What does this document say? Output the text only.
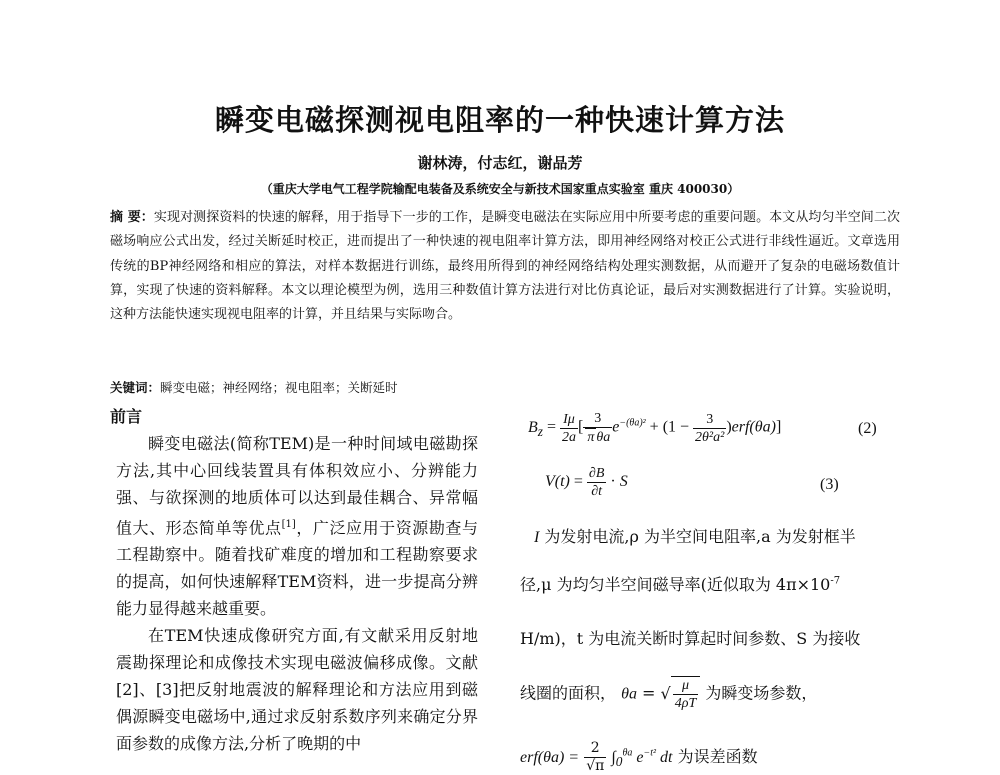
瞬变电磁探测视电阻率的一种快速计算方法
谢林涛，付志红，谢品芳
（重庆大学电气工程学院输配电装备及系统安全与新技术国家重点实验室 重庆 400030）
摘 要：实现对测探资料的快速的解释，用于指导下一步的工作，是瞬变电磁法在实际应用中所要考虑的重要问题。本文从均匀半空间二次磁场响应公式出发，经过关断延时校正，进而提出了一种快速的视电阻率计算方法，即用神经网络对校正公式进行非线性逼近。文章选用传统的BP神经网络和相应的算法，对样本数据进行训练，最终用所得到的神经网络结构处理实测数据，从而避开了复杂的电磁场数值计算，实现了快速的资料解释。本文以理论模型为例，选用三种数值计算方法进行对比仿真论证，最后对实测数据进行了计算。实验说明，这种方法能快速实现视电阻率的计算，并且结果与实际吻合。
关键词：瞬变电磁；神经网络；视电阻率；关断延时
前言

瞬变电磁法(简称TEM)是一种时间域电磁勘探方法,其中心回线装置具有体积效应小、分辨能力强、与欲探测的地质体可以达到最佳耦合、异常幅值大、形态简单等优点[1]，广泛应用于资源勘查与工程勘察中。随着找矿难度的增加和工程勘察要求的提高，如何快速解释TEM资料，进一步提高分辨能力显得越来越重要。

在TEM快速成像研究方面,有文献采用反射地震勘探理论和成像技术实现电磁波偏移成像。文献[2]、[3]把反射地震波的解释理论和方法应用到磁偶源瞬变电磁场中,通过求反射系数序列来确定分界面参数的成像方法,分析了晚期的中

$B_z = \frac{I\mu}{2a}$ [ $\frac{3}{\text{π θa}} e^{-(\theta a)^2} + (1 - \frac{3}{\text{2θ²a²}} )erf(\theta a)$]	(2)
$V(t) = \frac{\partial B}{\partial t} \cdot S$	(3)
I 为发射电流,ρ 为半空间电阻率,a 为发射框半
径,μ 为均匀半空间磁导率(近似取为 $4\pi\times 10^{-7}$
H/m)，t 为电流关断时算起时间参数、S 为接收
线圈的面积， θa = √ $\frac{\mu}{4\rho T}$ 为瞬变场参数，
$erf(\theta a) = \frac{2}{√\pi} \int_0^{\theta a}$ $e^{-t^2}$ dt 为误差函数
